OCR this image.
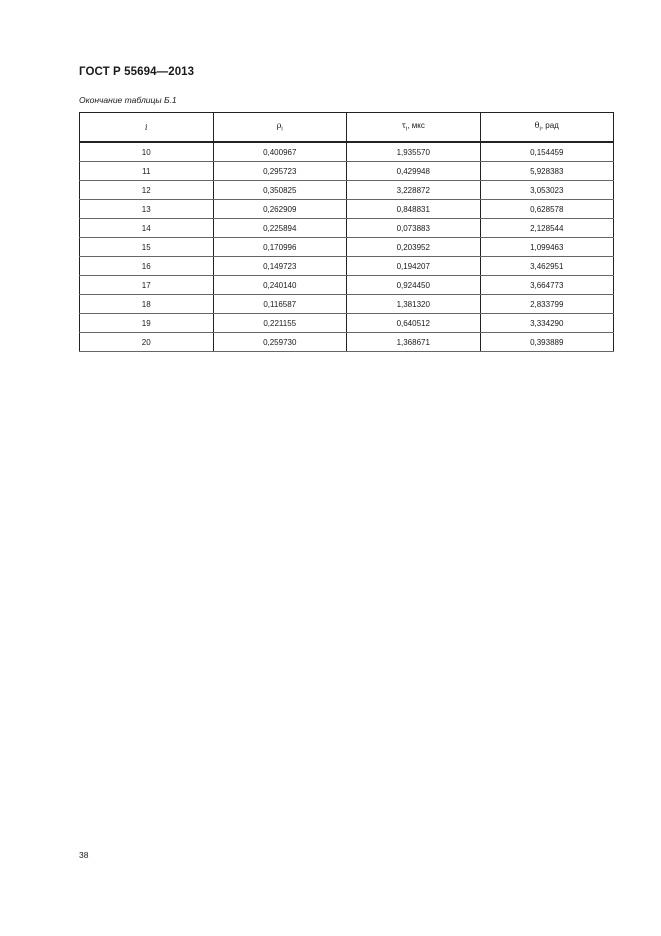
ГОСТ Р 55694—2013
Окончание таблицы Б.1
i	$\rho_i$	$\tau_i$, мкс	$\theta_i$, рад
10	0,400967	1,935570	0,154459
11	0,295723	0,429948	5,928383
12	0,350825	3,228872	3,053023
13	0,262909	0,848831	0,628578
14	0,225894	0,073883	2,128544
15	0,170996	0,203952	1,099463
16	0,149723	0,194207	3,462951
17	0,240140	0,924450	3,664773
18	0,116587	1,381320	2,833799
19	0,221155	0,640512	3,334290
20	0,259730	1,368671	0,393889
38
